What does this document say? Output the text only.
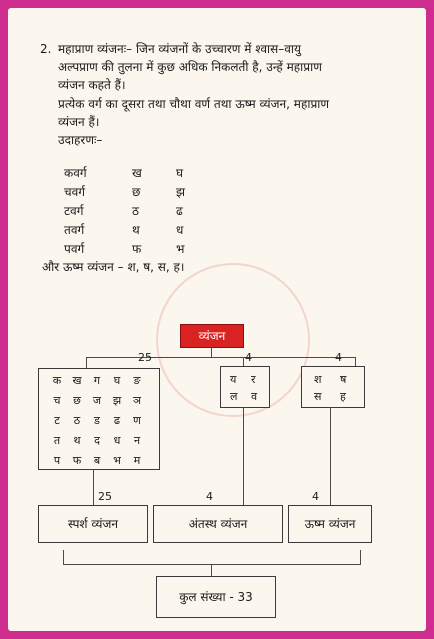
2. महाप्राण व्यंजनः– जिन व्यंजनों के उच्चारण में श्वास–वायु
अल्पप्राण की तुलना में कुछ अधिक निकलती है, उन्हें महाप्राण
व्यंजन कहते हैं।
प्रत्येक वर्ग का दूसरा तथा चौथा वर्ण तथा ऊष्म व्यंजन, महाप्राण
व्यंजन हैं।
उदाहरणः–
कवर्ग	ख	घ
चवर्ग	छ	झ
टवर्ग	ठ	ढ
तवर्ग	थ	ध
पवर्ग	फ	भ
और ऊष्म व्यंजन – श, ष, स, ह।
व्यंजन
25	4	4
क	ख	ग	घ	ङ
च	छ	ज	झ	ञ
ट	ठ	ड	ढ	ण
त	थ	द	ध	न
प	फ	ब	भ	म
य र
ल व
श ष
स ह
25	4	4
स्पर्श व्यंजन	अंतस्थ व्यंजन	ऊष्म व्यंजन
कुल संख्या - 33
